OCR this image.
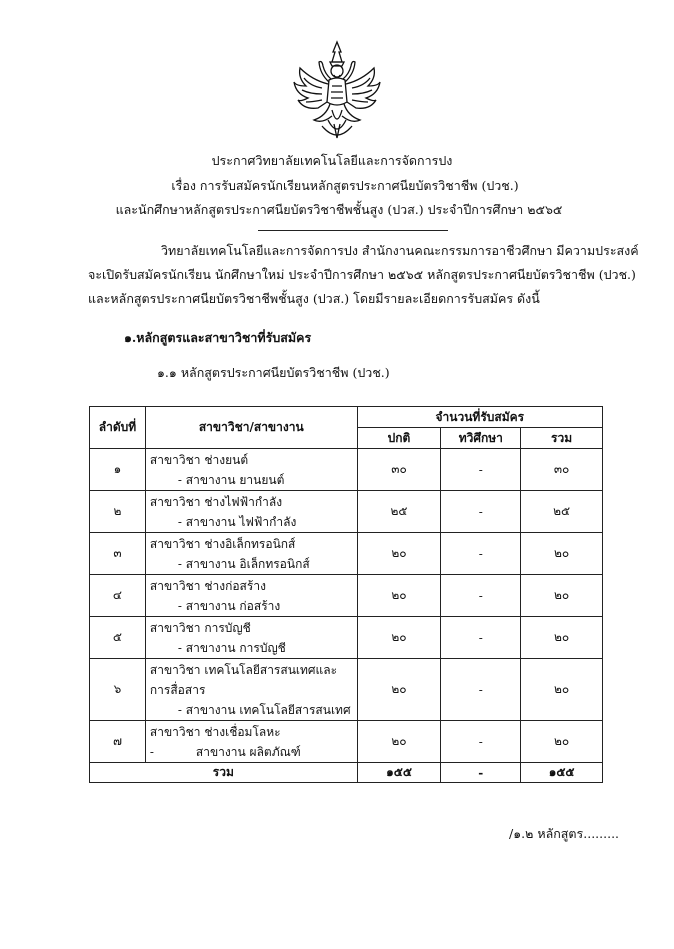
ประกาศวิทยาลัยเทคโนโลยีและการจัดการปง
เรื่อง การรับสมัครนักเรียนหลักสูตรประกาศนียบัตรวิชาชีพ (ปวช.)
และนักศึกษาหลักสูตรประกาศนียบัตรวิชาชีพชั้นสูง (ปวส.) ประจำปีการศึกษา ๒๕๖๕
วิทยาลัยเทคโนโลยีและการจัดการปง สำนักงานคณะกรรมการอาชีวศึกษา มีความประสงค์
จะเปิดรับสมัครนักเรียน นักศึกษาใหม่ ประจำปีการศึกษา ๒๕๖๕ หลักสูตรประกาศนียบัตรวิชาชีพ (ปวช.)
และหลักสูตรประกาศนียบัตรวิชาชีพชั้นสูง (ปวส.) โดยมีรายละเอียดการรับสมัคร ดังนี้
๑.หลักสูตรและสาขาวิชาที่รับสมัคร
๑.๑ หลักสูตรประกาศนียบัตรวิชาชีพ (ปวช.)
ลำดับที่	สาขาวิชา/สาขางาน	จำนวนที่รับสมัคร		
		ปกติ	ทวิศึกษา	รวม
๑	สาขาวิชา ช่างยนต์
- สาขางาน ยานยนต์	๓๐	-	๓๐
๒	สาขาวิชา ช่างไฟฟ้ากำลัง
- สาขางาน ไฟฟ้ากำลัง	๒๕	-	๒๕
๓	สาขาวิชา ช่างอิเล็กทรอนิกส์
- สาขางาน อิเล็กทรอนิกส์	๒๐	-	๒๐
๔	สาขาวิชา ช่างก่อสร้าง
- สาขางาน ก่อสร้าง	๒๐	-	๒๐
๕	สาขาวิชา การบัญชี
- สาขางาน การบัญชี	๒๐	-	๒๐
๖	สาขาวิชา เทคโนโลยีสารสนเทศและการสื่อสาร
- สาขางาน เทคโนโลยีสารสนเทศ	๒๐	-	๒๐
๗	สาขาวิชา ช่างเชื่อมโลหะ
-           สาขางาน ผลิตภัณฑ์	๒๐	-	๒๐
รวม		๑๕๕	-	๑๕๕
/๑.๒ หลักสูตร.........
